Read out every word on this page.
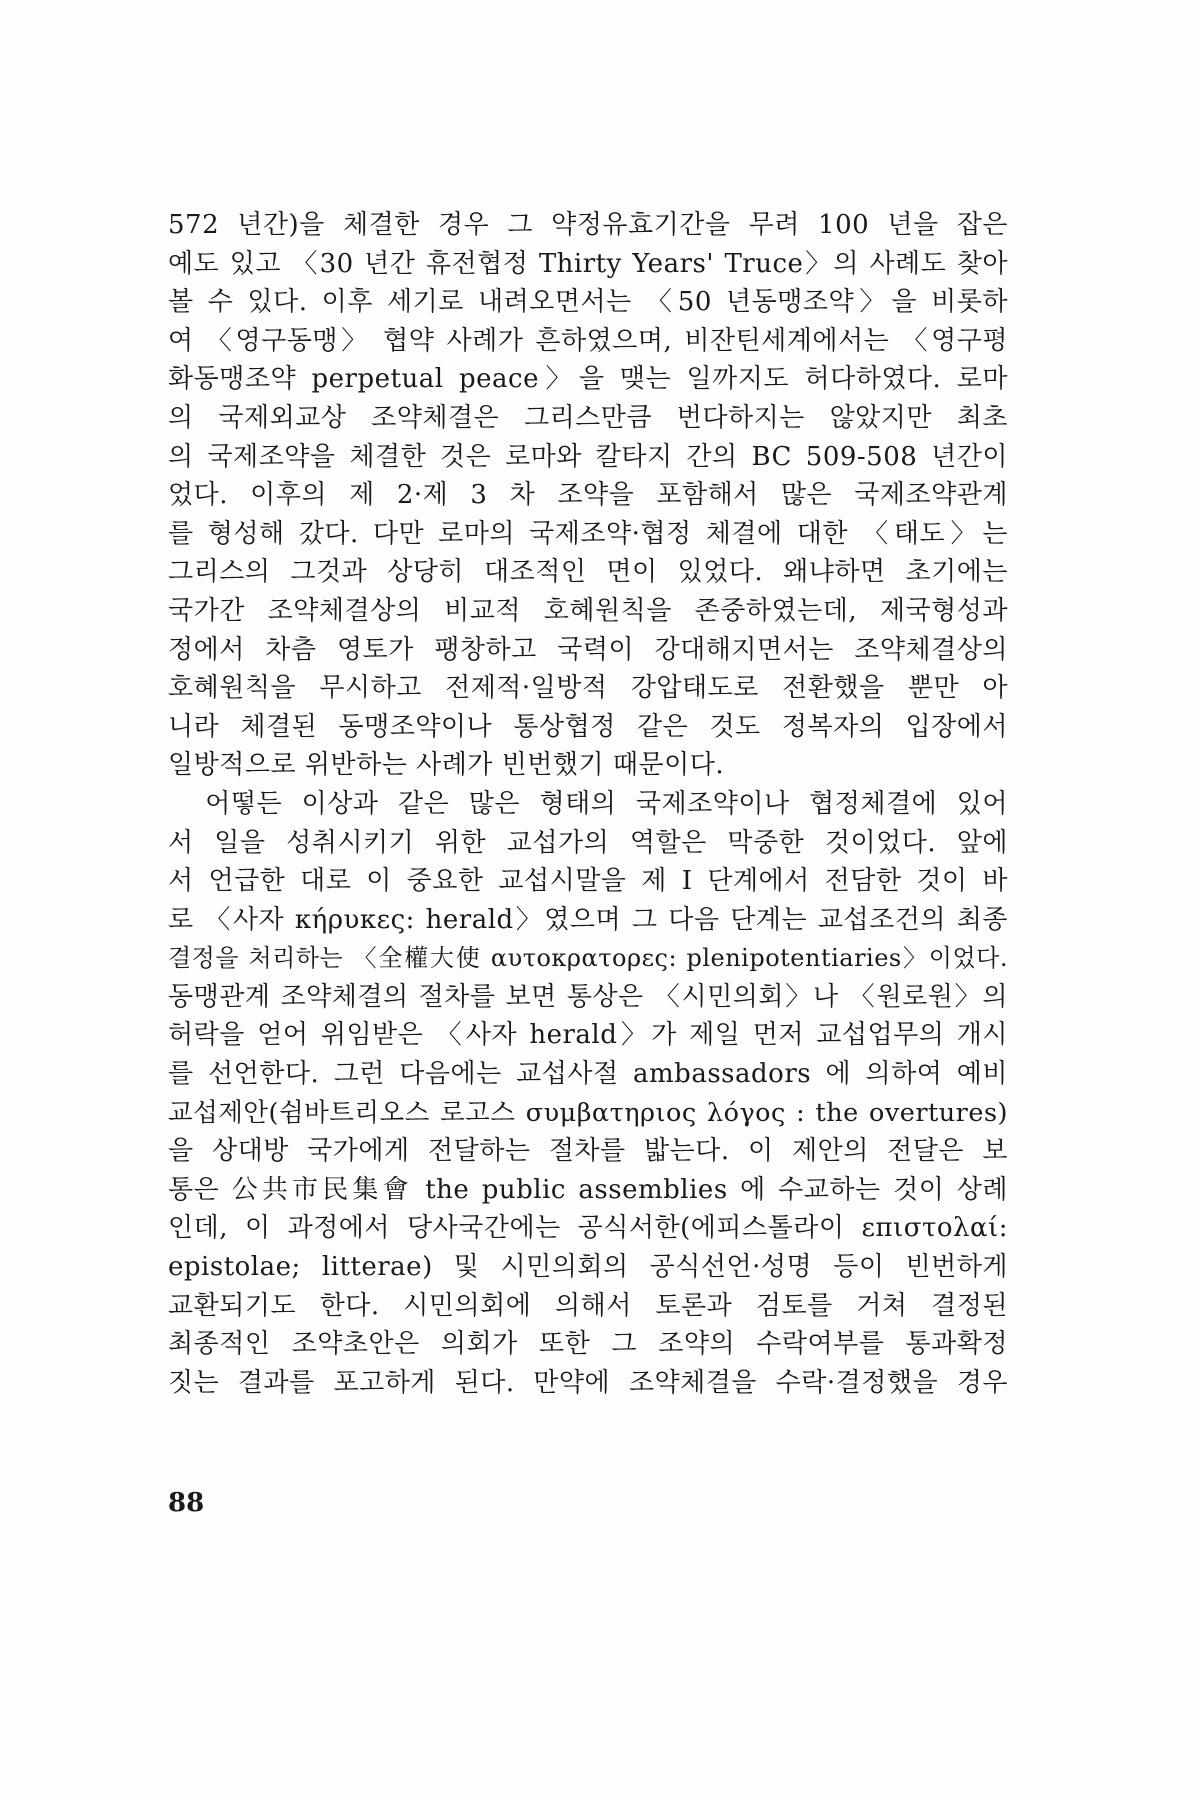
572 년간)을 체결한 경우 그 약정유효기간을 무려 100 년을 잡은
예도 있고 〈30 년간 휴전협정 Thirty Years' Truce〉의 사례도 찾아
볼 수 있다. 이후 세기로 내려오면서는 〈50 년동맹조약〉을 비롯하
여 〈영구동맹〉 협약 사례가 흔하였으며, 비잔틴세계에서는 〈영구평
화동맹조약 perpetual peace〉을 맺는 일까지도 허다하였다. 로마
의 국제외교상 조약체결은 그리스만큼 번다하지는 않았지만 최초
의 국제조약을 체결한 것은 로마와 칼타지 간의 BC 509-508 년간이
었다. 이후의 제 2·제 3 차 조약을 포함해서 많은 국제조약관계
를 형성해 갔다. 다만 로마의 국제조약·협정 체결에 대한 〈태도〉는
그리스의 그것과 상당히 대조적인 면이 있었다. 왜냐하면 초기에는
국가간 조약체결상의 비교적 호혜원칙을 존중하였는데, 제국형성과
정에서 차츰 영토가 팽창하고 국력이 강대해지면서는 조약체결상의
호혜원칙을 무시하고 전제적·일방적 강압태도로 전환했을 뿐만 아
니라 체결된 동맹조약이나 통상협정 같은 것도 정복자의 입장에서
일방적으로 위반하는 사례가 빈번했기 때문이다.
　어떻든 이상과 같은 많은 형태의 국제조약이나 협정체결에 있어
서 일을 성취시키기 위한 교섭가의 역할은 막중한 것이었다. 앞에
서 언급한 대로 이 중요한 교섭시말을 제 I 단계에서 전담한 것이 바
로 〈사자 κήρυκες: herald〉였으며 그 다음 단계는 교섭조건의 최종
결정을 처리하는 〈全權大使 αυτοκρατορες: plenipotentiaries〉이었다.
동맹관계 조약체결의 절차를 보면 통상은 〈시민의회〉나 〈원로원〉의
허락을 얻어 위임받은 〈사자 herald〉가 제일 먼저 교섭업무의 개시
를 선언한다. 그런 다음에는 교섭사절 ambassadors 에 의하여 예비
교섭제안(쉼바트리오스 로고스 συμβατηριος λόγος : the overtures)
을 상대방 국가에게 전달하는 절차를 밟는다. 이 제안의 전달은 보
통은 公共市民集會 the public assemblies 에 수교하는 것이 상례
인데, 이 과정에서 당사국간에는 공식서한(에피스톨라이 επιστολαί:
epistolae; litterae) 및 시민의회의 공식선언·성명 등이 빈번하게
교환되기도 한다. 시민의회에 의해서 토론과 검토를 거쳐 결정된
최종적인 조약초안은 의회가 또한 그 조약의 수락여부를 통과확정
짓는 결과를 포고하게 된다. 만약에 조약체결을 수락·결정했을 경우
88
